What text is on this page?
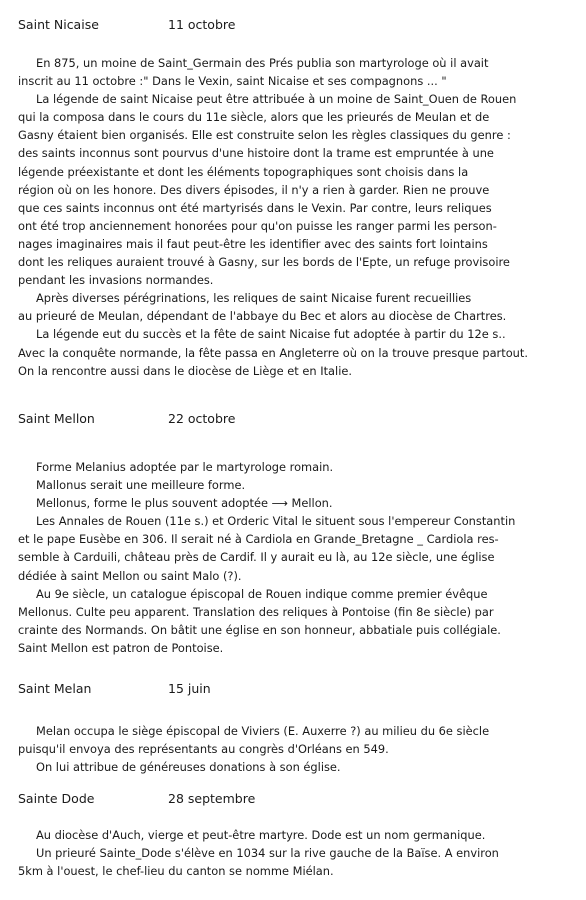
Saint Nicaise	11 octobre
En 875, un moine de Saint_Germain des Prés publia son martyrologe où il avait
inscrit au 11 octobre :" Dans le Vexin, saint Nicaise et ses compagnons ... "
La légende de saint Nicaise peut être attribuée à un moine de Saint_Ouen de Rouen
qui la composa dans le cours du 11e siècle, alors que les prieurés de Meulan et de
Gasny étaient bien organisés. Elle est construite selon les règles classiques du genre :
des saints inconnus sont pourvus d'une histoire dont la trame est empruntée à une
légende préexistante et dont les éléments topographiques sont choisis dans la
région où on les honore. Des divers épisodes, il n'y a rien à garder. Rien ne prouve
que ces saints inconnus ont été martyrisés dans le Vexin. Par contre, leurs reliques
ont été trop anciennement honorées pour qu'on puisse les ranger parmi les person-
nages imaginaires mais il faut peut-être les identifier avec des saints fort lointains
dont les reliques auraient trouvé à Gasny, sur les bords de l'Epte, un refuge provisoire
pendant les invasions normandes.
Après diverses pérégrinations, les reliques de saint Nicaise furent recueillies
au prieuré de Meulan, dépendant de l'abbaye du Bec et alors au diocèse de Chartres.
La légende eut du succès et la fête de saint Nicaise fut adoptée à partir du 12e s..
Avec la conquête normande, la fête passa en Angleterre où on la trouve presque partout.
On la rencontre aussi dans le diocèse de Liège et en Italie.
Saint Mellon	22 octobre
Forme Melanius adoptée par le martyrologe romain.
Mallonus serait une meilleure forme.
Mellonus, forme le plus souvent adoptée ⟶ Mellon.
Les Annales de Rouen (11e s.) et Orderic Vital le situent sous l'empereur Constantin
et le pape Eusèbe en 306. Il serait né à Cardiola en Grande_Bretagne _ Cardiola res-
semble à Carduili, château près de Cardif. Il y aurait eu là, au 12e siècle, une église
dédiée à saint Mellon ou saint Malo (?).
Au 9e siècle, un catalogue épiscopal de Rouen indique comme premier évêque
Mellonus. Culte peu apparent. Translation des reliques à Pontoise (fin 8e siècle) par
crainte des Normands. On bâtit une église en son honneur, abbatiale puis collégiale.
Saint Mellon est patron de Pontoise.
Saint Melan	15 juin
Melan occupa le siège épiscopal de Viviers (E. Auxerre ?) au milieu du 6e siècle
puisqu'il envoya des représentants au congrès d'Orléans en 549.
On lui attribue de généreuses donations à son église.
Sainte Dode	28 septembre
Au diocèse d'Auch, vierge et peut-être martyre. Dode est un nom germanique.
Un prieuré Sainte_Dode s'élève en 1034 sur la rive gauche de la Baïse. A environ
5km à l'ouest, le chef-lieu du canton se nomme Miélan.
